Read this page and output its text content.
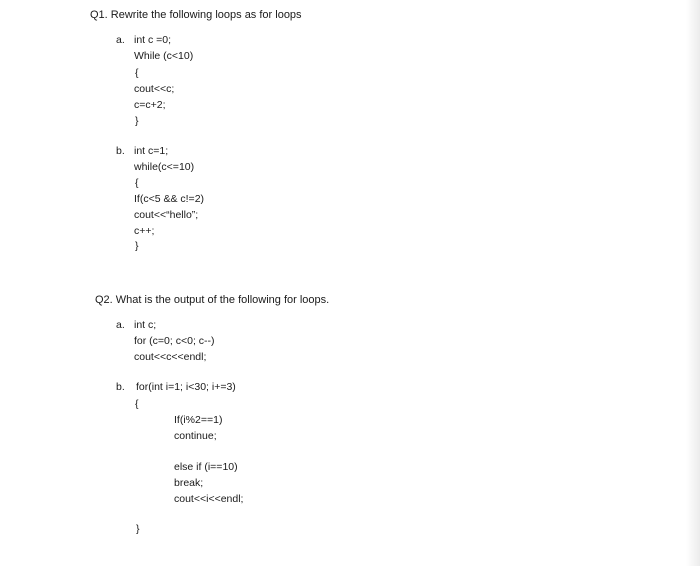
Q1. Rewrite the following loops as for loops
a. int c =0;
While (c<10)
{
cout<<c;
c=c+2;
}
b. int c=1;
while(c<=10)
{
If(c<5 && c!=2)
cout<<“hello”;
c++;
}
Q2. What is the output of the following for loops.
a. int c;
for (c=0; c<0; c--)
cout<<c<<endl;
b. for(int i=1; i<30; i+=3)
{
If(i%2==1)
continue;
else if (i==10)
break;
cout<<i<<endl;
}
